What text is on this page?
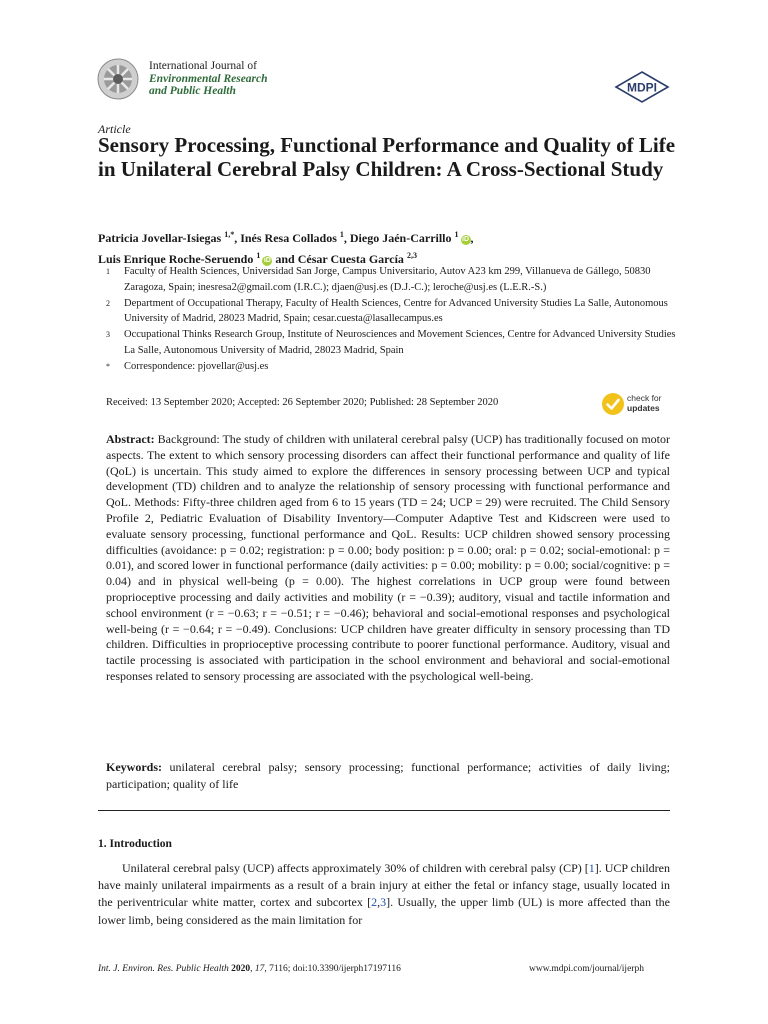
International Journal of
Environmental Research
and Public Health	MDPI
Article
Sensory Processing, Functional Performance and Quality of Life in Unilateral Cerebral Palsy Children: A Cross-Sectional Study
Patricia Jovellar-Isiegas $^{1,*}$, Inés Resa Collados $^1$, Diego Jaén-Carrillo $^1$iD ,
Luis Enrique Roche-Seruendo $^1$iD and César Cuesta García $^{2,3}$
1	Faculty of Health Sciences, Universidad San Jorge, Campus Universitario, Autov A23 km 299, Villanueva de Gállego, 50830 Zaragoza, Spain; inesresa2@gmail.com (I.R.C.); djaen@usj.es (D.J.-C.); leroche@usj.es (L.E.R.-S.)
2	Department of Occupational Therapy, Faculty of Health Sciences, Centre for Advanced University Studies La Salle, Autonomous University of Madrid, 28023 Madrid, Spain; cesar.cuesta@lasallecampus.es
3	Occupational Thinks Research Group, Institute of Neurosciences and Movement Sciences, Centre for Advanced University Studies La Salle, Autonomous University of Madrid, 28023 Madrid, Spain
*	Correspondence: pjovellar@usj.es
Received: 13 September 2020; Accepted: 26 September 2020; Published: 28 September 2020	check for
updates
Abstract: Background: The study of children with unilateral cerebral palsy (UCP) has traditionally focused on motor aspects. The extent to which sensory processing disorders can affect their functional performance and quality of life (QoL) is uncertain. This study aimed to explore the differences in sensory processing between UCP and typical development (TD) children and to analyze the relationship of sensory processing with functional performance and QoL. Methods: Fifty-three children aged from 6 to 15 years (TD = 24; UCP = 29) were recruited. The Child Sensory Profile 2, Pediatric Evaluation of Disability Inventory—Computer Adaptive Test and Kidscreen were used to evaluate sensory processing, functional performance and QoL. Results: UCP children showed sensory processing difficulties (avoidance: p = 0.02; registration: p = 0.00; body position: p = 0.00; oral: p = 0.02; social-emotional: p = 0.01), and scored lower in functional performance (daily activities: p = 0.00; mobility: p = 0.00; social/cognitive: p = 0.04) and in physical well-being (p = 0.00). The highest correlations in UCP group were found between proprioceptive processing and daily activities and mobility (r = −0.39); auditory, visual and tactile information and school environment (r = −0.63; r = −0.51; r = −0.46); behavioral and social-emotional responses and psychological well-being (r = −0.64; r = −0.49). Conclusions: UCP children have greater difficulty in sensory processing than TD children. Difficulties in proprioceptive processing contribute to poorer functional performance. Auditory, visual and tactile processing is associated with participation in the school environment and behavioral and social-emotional responses related to sensory processing are associated with the psychological well-being.
Keywords: unilateral cerebral palsy; sensory processing; functional performance; activities of daily living; participation; quality of life
1. Introduction

Unilateral cerebral palsy (UCP) affects approximately 30% of children with cerebral palsy (CP) [1]. UCP children have mainly unilateral impairments as a result of a brain injury at either the fetal or infancy stage, usually located in the periventricular white matter, cortex and subcortex [2,3]. Usually, the upper limb (UL) is more affected than the lower limb, being considered as the main limitation for

Int. J. Environ. Res. Public Health 2020, 17, 7116; doi:10.3390/ijerph17197116	www.mdpi.com/journal/ijerph
